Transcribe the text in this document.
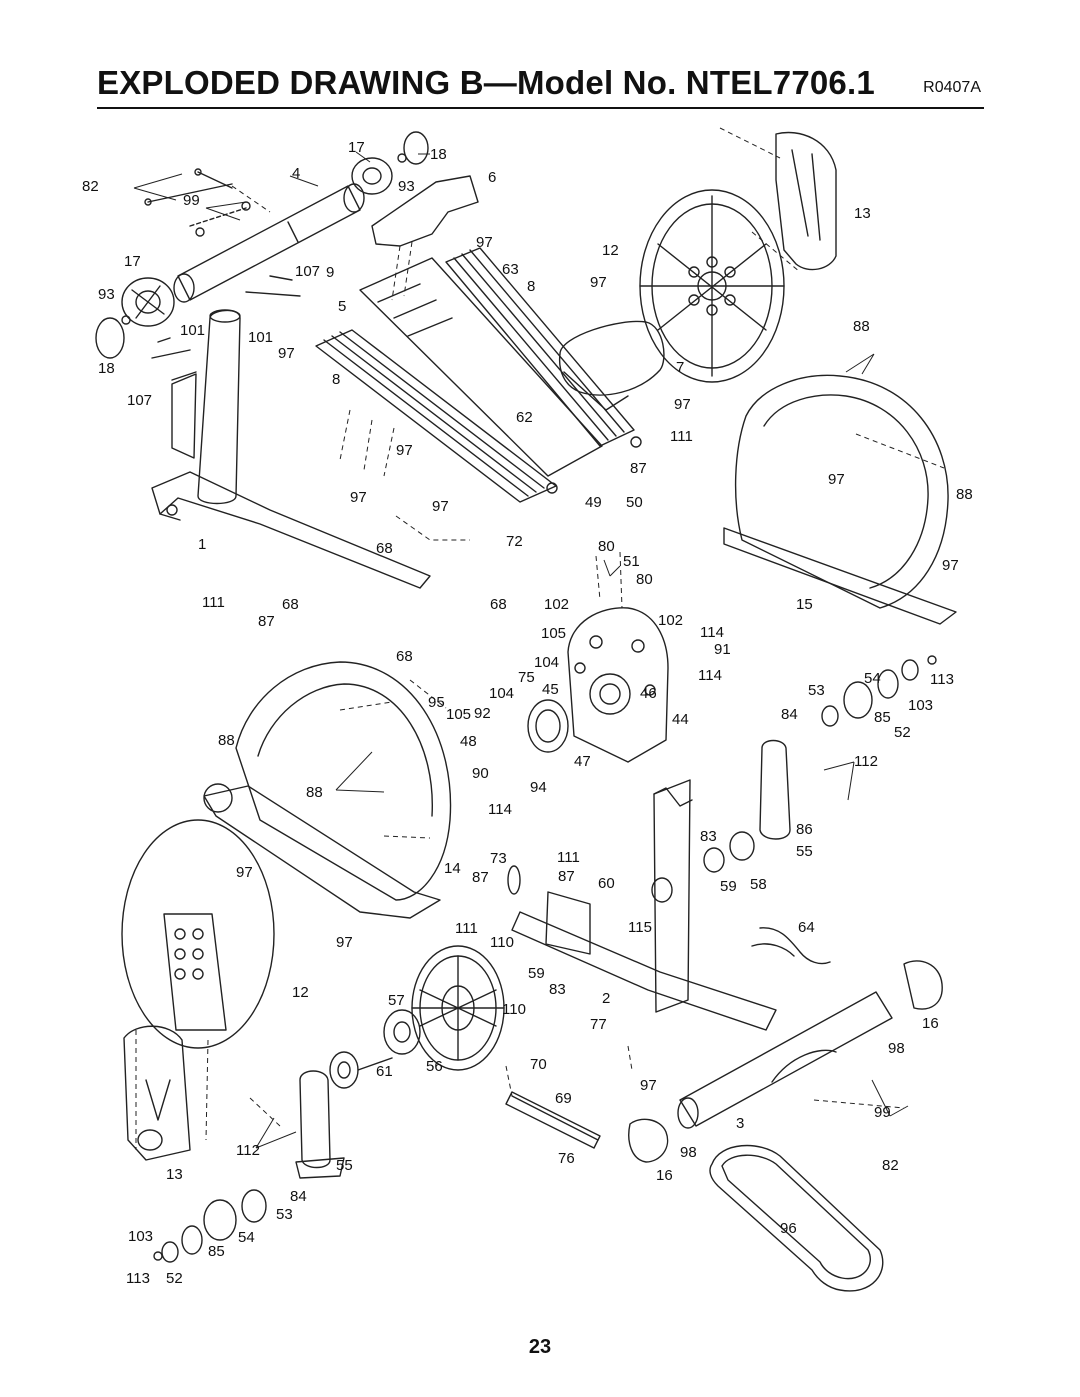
EXPLODED DRAWING B—Model No. NTEL7706.1	R0407A
17	18
4	6
82	93
99
13
97	12
17
107 9	63
8	97
93
5
101	101
88
97
7
18
8
97
107
62
111
97
87
97
97
97	49 50	88
1	68	72	80
51	97
80
111	68	102
102
68	15
87
105	114
91
68	104
75	114	54	113
95
104 45	46	53
103
105 92	84	85
44
52
88	48
112
90
47
94
88
114
86
83
55
73	111
97	14
87	87 60	59 58
111	115	64
97	110
12
59
83
2
57
110
16
77
98
70
61 56
69
97
99
112
3
13
55	76	98
16
82
84
53
96
103	54
85
113 52
23
